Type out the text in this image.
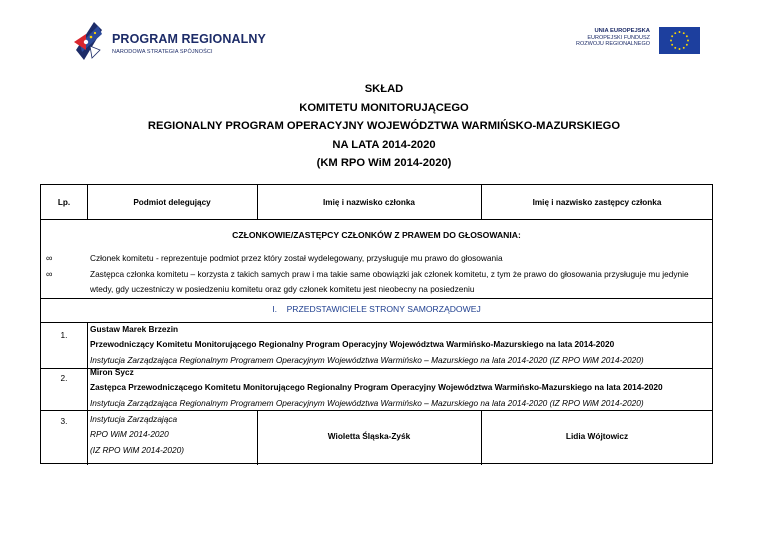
PROGRAM REGIONALNY
NARODOWA STRATEGIA SPÓJNOŚCI
UNIA EUROPEJSKA
EUROPEJSKI FUNDUSZ
ROZWOJU REGIONALNEGO
SKŁAD
KOMITETU MONITORUJĄCEGO
REGIONALNY PROGRAM OPERACYJNY WOJEWÓDZTWA WARMIŃSKO-MAZURSKIEGO
NA LATA 2014-2020
(KM RPO WiM 2014-2020)
Lp.	Podmiot delegujący	Imię i nazwisko członka	Imię i nazwisko zastępcy członka
CZŁONKOWIE/ZASTĘPCY CZŁONKÓW Z PRAWEM DO GŁOSOWANIA:
∞	Członek komitetu - reprezentuje podmiot przez który został wydelegowany, przysługuje mu prawo do głosowania
∞	Zastępca członka komitetu – korzysta z takich samych praw i ma takie same obowiązki jak członek komitetu, z tym że prawo do głosowania przysługuje mu jedynie wtedy, gdy uczestniczy w posiedzeniu komitetu oraz gdy członek komitetu jest nieobecny na posiedzeniu
I. PRZEDSTAWICIELE STRONY SAMORZĄDOWEJ
1.
Gustaw Marek Brzezin
Przewodniczący Komitetu Monitorującego Regionalny Program Operacyjny Województwa Warmińsko-Mazurskiego na lata 2014-2020
Instytucja Zarządzająca Regionalnym Programem Operacyjnym Województwa Warmińsko – Mazurskiego na lata 2014-2020 (IZ RPO WiM 2014-2020)
2.
Miron Sycz
Zastępca Przewodniczącego Komitetu Monitorującego Regionalny Program Operacyjny Województwa Warmińsko-Mazurskiego na lata 2014-2020
Instytucja Zarządzająca Regionalnym Programem Operacyjnym Województwa Warmińsko – Mazurskiego na lata 2014-2020 (IZ RPO WiM 2014-2020)
3.	Instytucja Zarządzająca
RPO WiM 2014-2020
(IZ RPO WiM 2014-2020)
Wioletta Śląska-Zyśk	Lidia Wójtowicz
